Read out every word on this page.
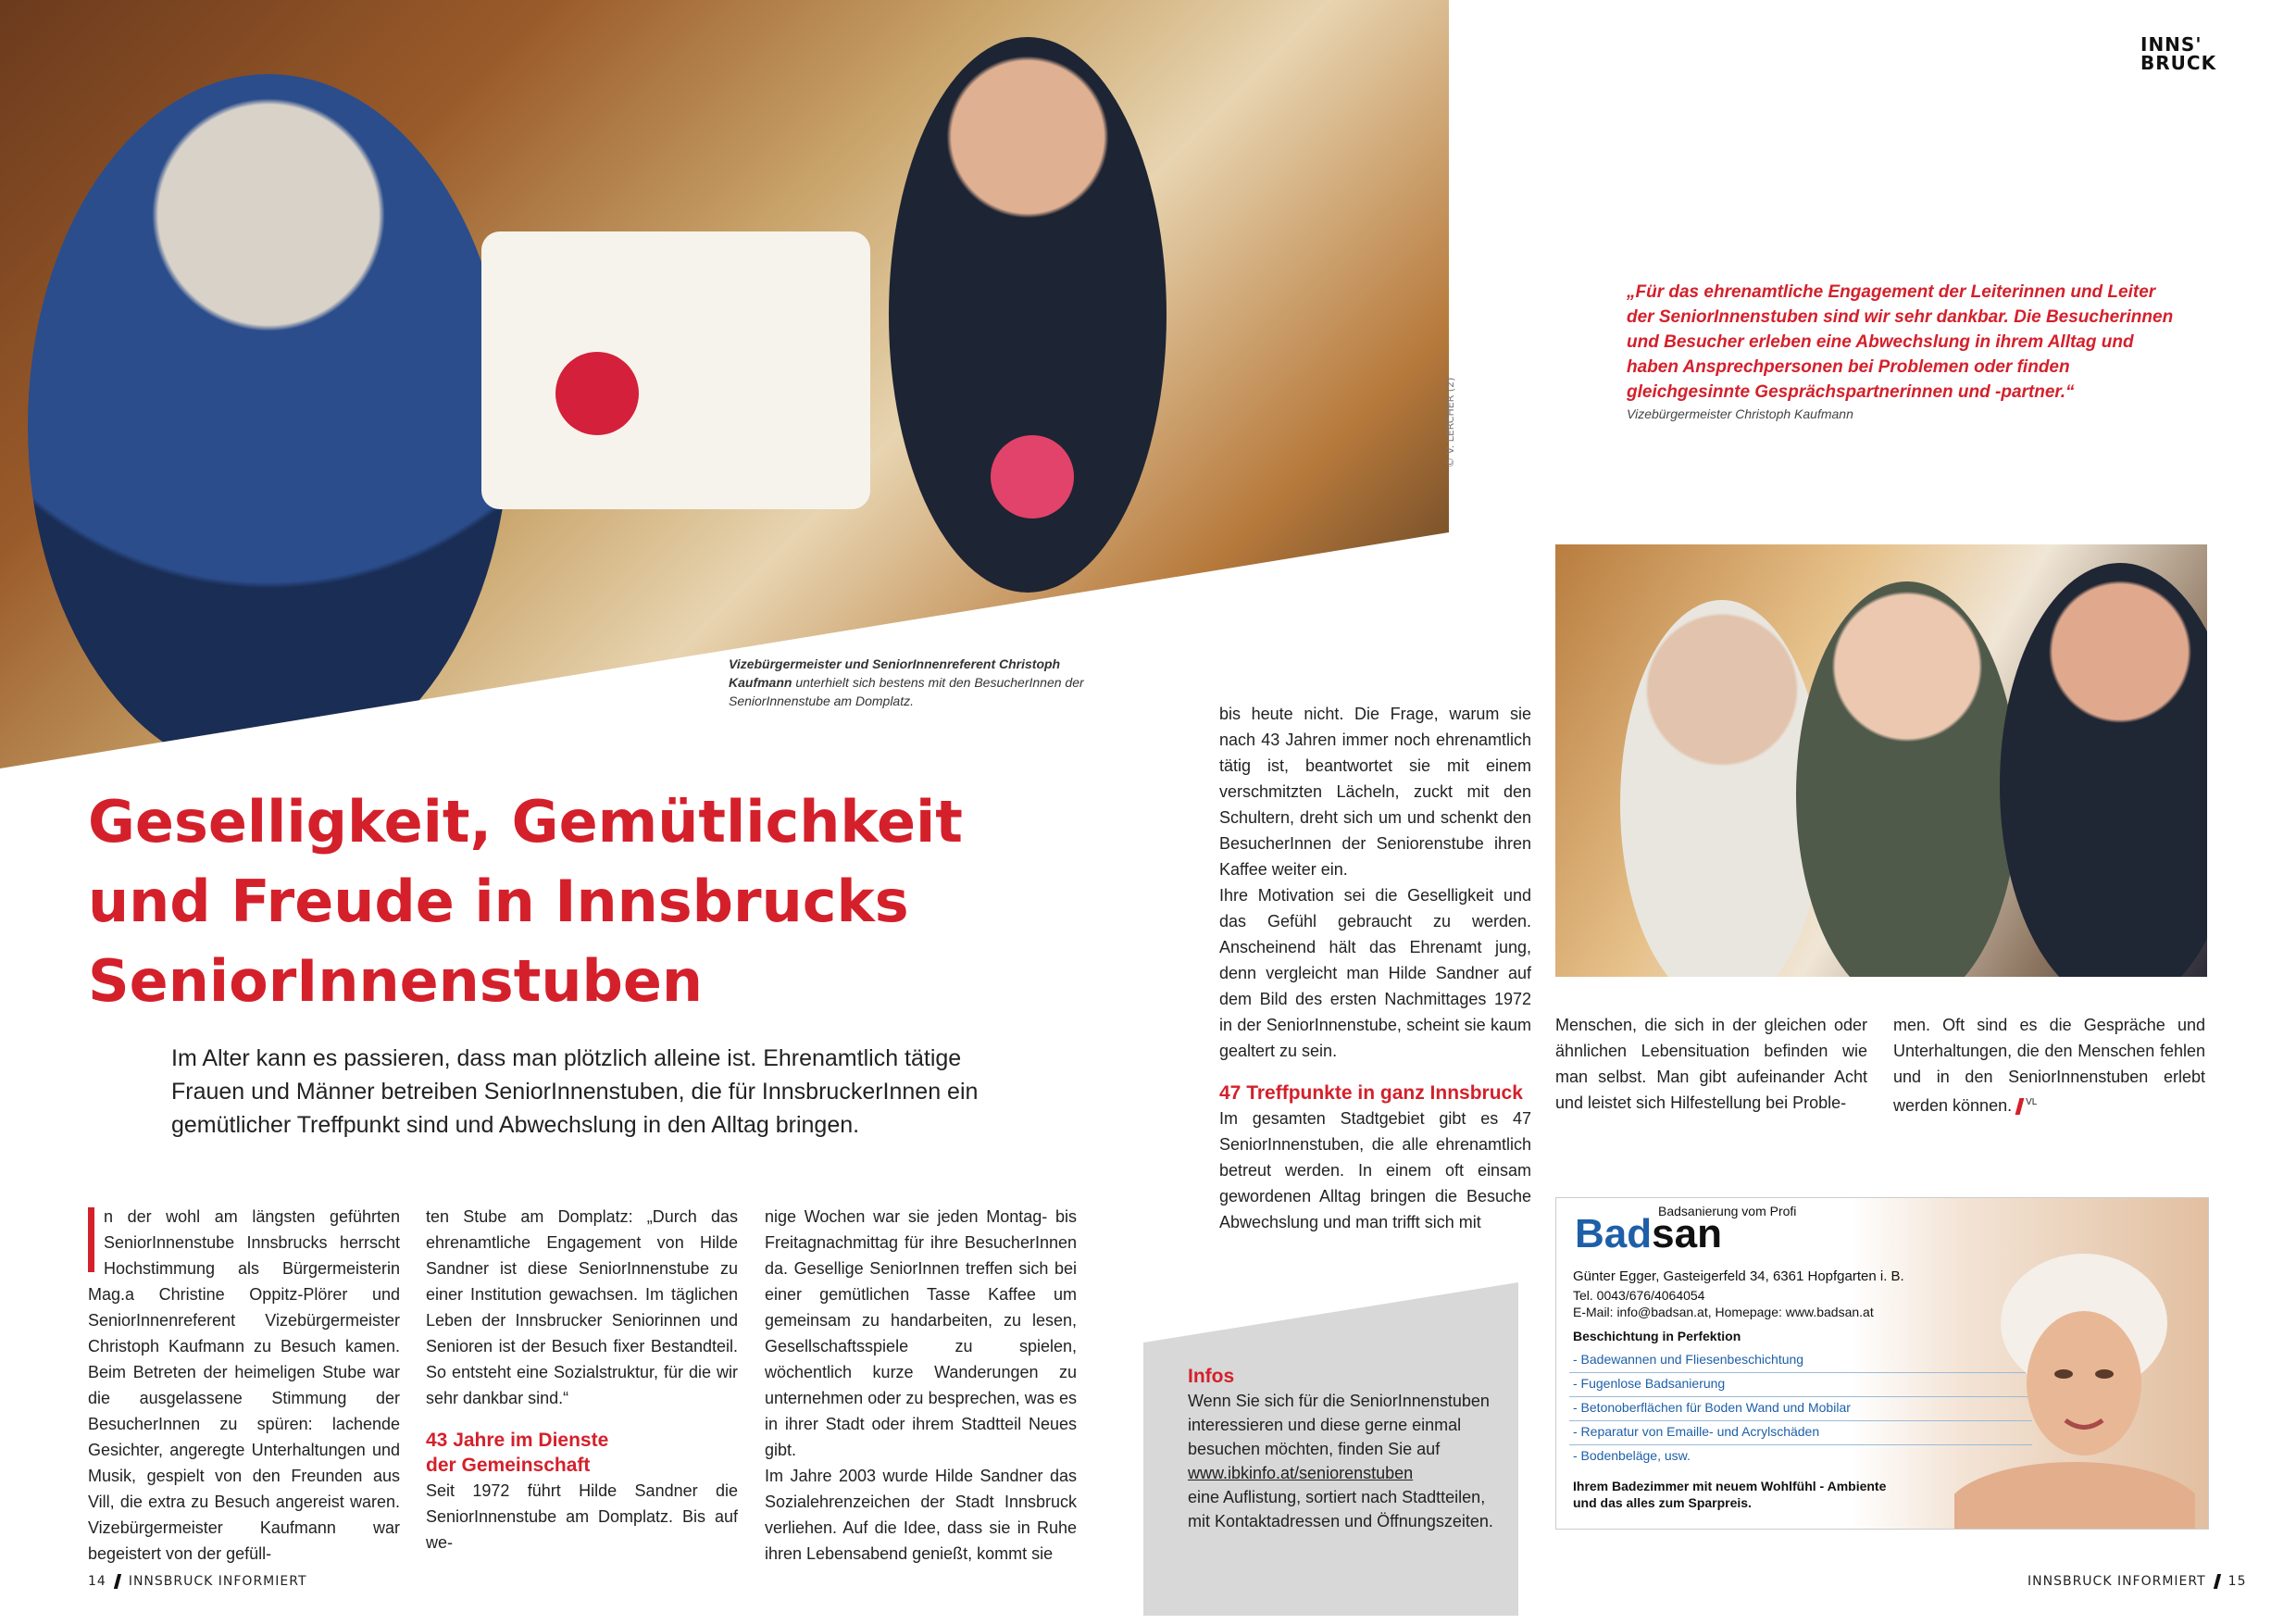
© V. LERCHER (2)
INNS'
BRUCK
Vizebürgermeister und SeniorInnenreferent Christoph Kaufmann unterhielt sich bestens mit den BesucherInnen der SeniorInnenstube am Domplatz.
Geselligkeit, Gemütlichkeit
und Freude in Innsbrucks
SeniorInnenstuben

Im Alter kann es passieren, dass man plötzlich alleine ist. Ehrenamtlich tätige Frauen und Männer betreiben SeniorInnenstuben, die für InnsbruckerInnen ein gemütlicher Treffpunkt sind und Abwechslung in den Alltag bringen.

n der wohl am längsten geführten SeniorInnenstube Innsbrucks herrscht Hochstimmung als Bürgermeisterin Mag.a Christine Oppitz-Plörer und SeniorInnenreferent Vizebürgermeister Christoph Kaufmann zu Besuch kamen. Beim Betreten der heimeligen Stube war die ausgelassene Stimmung der BesucherInnen zu spüren: lachende Gesichter, angeregte Unterhaltungen und Musik, gespielt von den Freunden aus Vill, die extra zu Besuch angereist waren. Vizebürgermeister Kaufmann war begeistert von der gefüll-

ten Stube am Domplatz: „Durch das ehrenamtliche Engagement von Hilde Sandner ist diese SeniorInnenstube zu einer Institution gewachsen. Im täglichen Leben der Innsbrucker Seniorinnen und Senioren ist der Besuch fixer Bestandteil. So entsteht eine Sozialstruktur, für die wir sehr dankbar sind.“

43 Jahre im Dienste
der Gemeinschaft

Seit 1972 führt Hilde Sandner die SeniorInnenstube am Domplatz. Bis auf we-

nige Wochen war sie jeden Montag- bis Freitagnachmittag für ihre BesucherInnen da. Gesellige SeniorInnen treffen sich bei einer gemütlichen Tasse Kaffee um gemeinsam zu handarbeiten, zu lesen, Gesellschaftsspiele zu spielen, wöchentlich kurze Wanderungen zu unternehmen oder zu besprechen, was es in ihrer Stadt oder ihrem Stadtteil Neues gibt.

Im Jahre 2003 wurde Hilde Sandner das Sozialehrenzeichen der Stadt Innsbruck verliehen. Auf die Idee, dass sie in Ruhe ihren Lebensabend genießt, kommt sie

bis heute nicht. Die Frage, warum sie nach 43 Jahren immer noch ehrenamtlich tätig ist, beantwortet sie mit einem verschmitzten Lächeln, zuckt mit den Schultern, dreht sich um und schenkt den BesucherInnen der Seniorenstube ihren Kaffee weiter ein.

Ihre Motivation sei die Geselligkeit und das Gefühl gebraucht zu werden. Anscheinend hält das Ehrenamt jung, denn vergleicht man Hilde Sandner auf dem Bild des ersten Nachmittages 1972 in der SeniorInnenstube, scheint sie kaum gealtert zu sein.

47 Treffpunkte in ganz Innsbruck

Im gesamten Stadtgebiet gibt es 47 SeniorInnenstuben, die alle ehrenamtlich betreut werden. In einem oft einsam gewordenen Alltag bringen die Besuche Abwechslung und man trifft sich mit

Menschen, die sich in der gleichen oder ähnlichen Lebensituation befinden wie man selbst. Man gibt aufeinander Acht und leistet sich Hilfestellung bei Proble-

men. Oft sind es die Gespräche und Unterhaltungen, die den Menschen fehlen und in den SeniorInnenstuben erlebt werden können. $^{VL}$

„Für das ehrenamtliche Engagement der Leiterinnen und Leiter der SeniorInnenstuben sind wir sehr dankbar. Die Besucherinnen und Besucher erleben eine Abwechslung in ihrem Alltag und haben Ansprechpersonen bei Problemen oder finden gleichgesinnte Gesprächspartnerinnen und -partner.“

Vizebürgermeister Christoph Kaufmann
Infos

Wenn Sie sich für die SeniorInnenstuben interessieren und diese gerne einmal besuchen möchten, finden Sie auf
www.ibkinfo.at/seniorenstuben
eine Auflistung, sortiert nach Stadtteilen, mit Kontaktadressen und Öffnungszeiten.

Badsanierung vom Profi
Badsan
Günter Egger, Gasteigerfeld 34, 6361 Hopfgarten i. B.
Tel. 0043/676/4064054
E-Mail: info@badsan.at, Homepage: www.badsan.at
Beschichtung in Perfektion
- Badewannen und Fliesenbeschichtung
- Fugenlose Badsanierung
- Betonoberflächen für Boden Wand und Mobilar
- Reparatur von Emaille- und Acrylschäden
- Bodenbeläge, usw.
Ihrem Badezimmer mit neuem Wohlfühl - Ambiente
und das alles zum Sparpreis.
14 INNSBRUCK INFORMIERT	INNSBRUCK INFORMIERT 15
